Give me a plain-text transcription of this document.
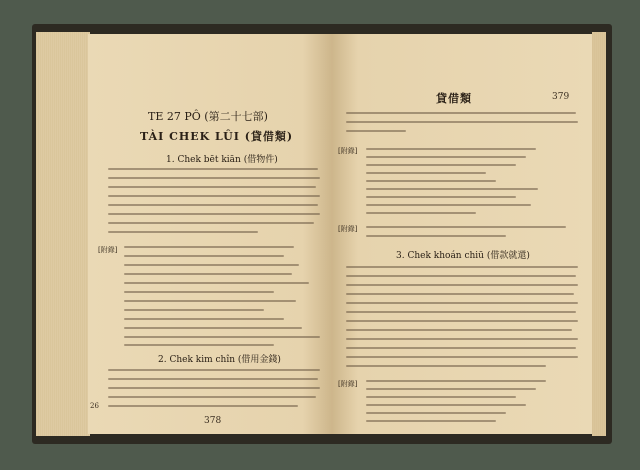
TE 27 PÔ (第二十七部)
TÀI CHEK LÛI (貸借類)
1. Chek bēt kiān (借物件)
[附錄]
2. Chek kim chîn (借用金錢)
26
378
貸借類	379
[附錄]
[附錄]
3. Chek khoán chiū (借款就還)
[附錄]
